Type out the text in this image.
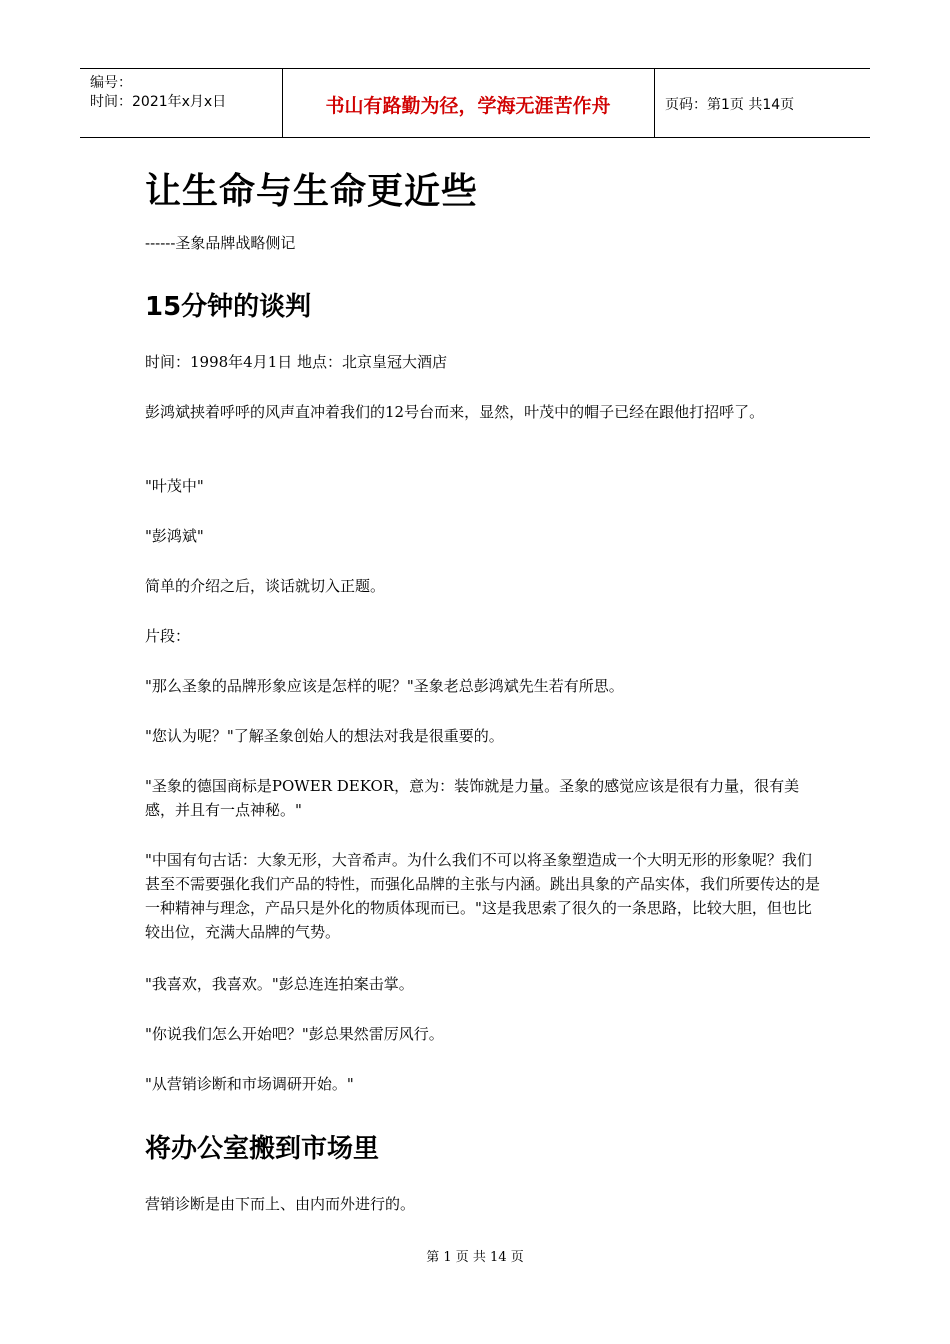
编号：
时间：2021年x月x日	书山有路勤为径，学海无涯苦作舟	页码：第1页 共14页
让生命与生命更近些
------圣象品牌战略侧记
15分钟的谈判
时间：1998年4月1日 地点：北京皇冠大酒店
彭鸿斌挟着呼呼的风声直冲着我们的12号台而来，显然，叶茂中的帽子已经在跟他打招呼了。
"叶茂中"
"彭鸿斌"
简单的介绍之后，谈话就切入正题。
片段：
"那么圣象的品牌形象应该是怎样的呢？"圣象老总彭鸿斌先生若有所思。
"您认为呢？"了解圣象创始人的想法对我是很重要的。
"圣象的德国商标是POWER DEKOR，意为：装饰就是力量。圣象的感觉应该是很有力量，很有美感，并且有一点神秘。"
"中国有句古话：大象无形，大音希声。为什么我们不可以将圣象塑造成一个大明无形的形象呢？我们甚至不需要强化我们产品的特性，而强化品牌的主张与内涵。跳出具象的产品实体，我们所要传达的是一种精神与理念，产品只是外化的物质体现而已。"这是我思索了很久的一条思路，比较大胆，但也比较出位，充满大品牌的气势。
"我喜欢，我喜欢。"彭总连连拍案击掌。
"你说我们怎么开始吧？"彭总果然雷厉风行。
"从营销诊断和市场调研开始。"
将办公室搬到市场里
营销诊断是由下而上、由内而外进行的。
第 1 页 共 14 页
